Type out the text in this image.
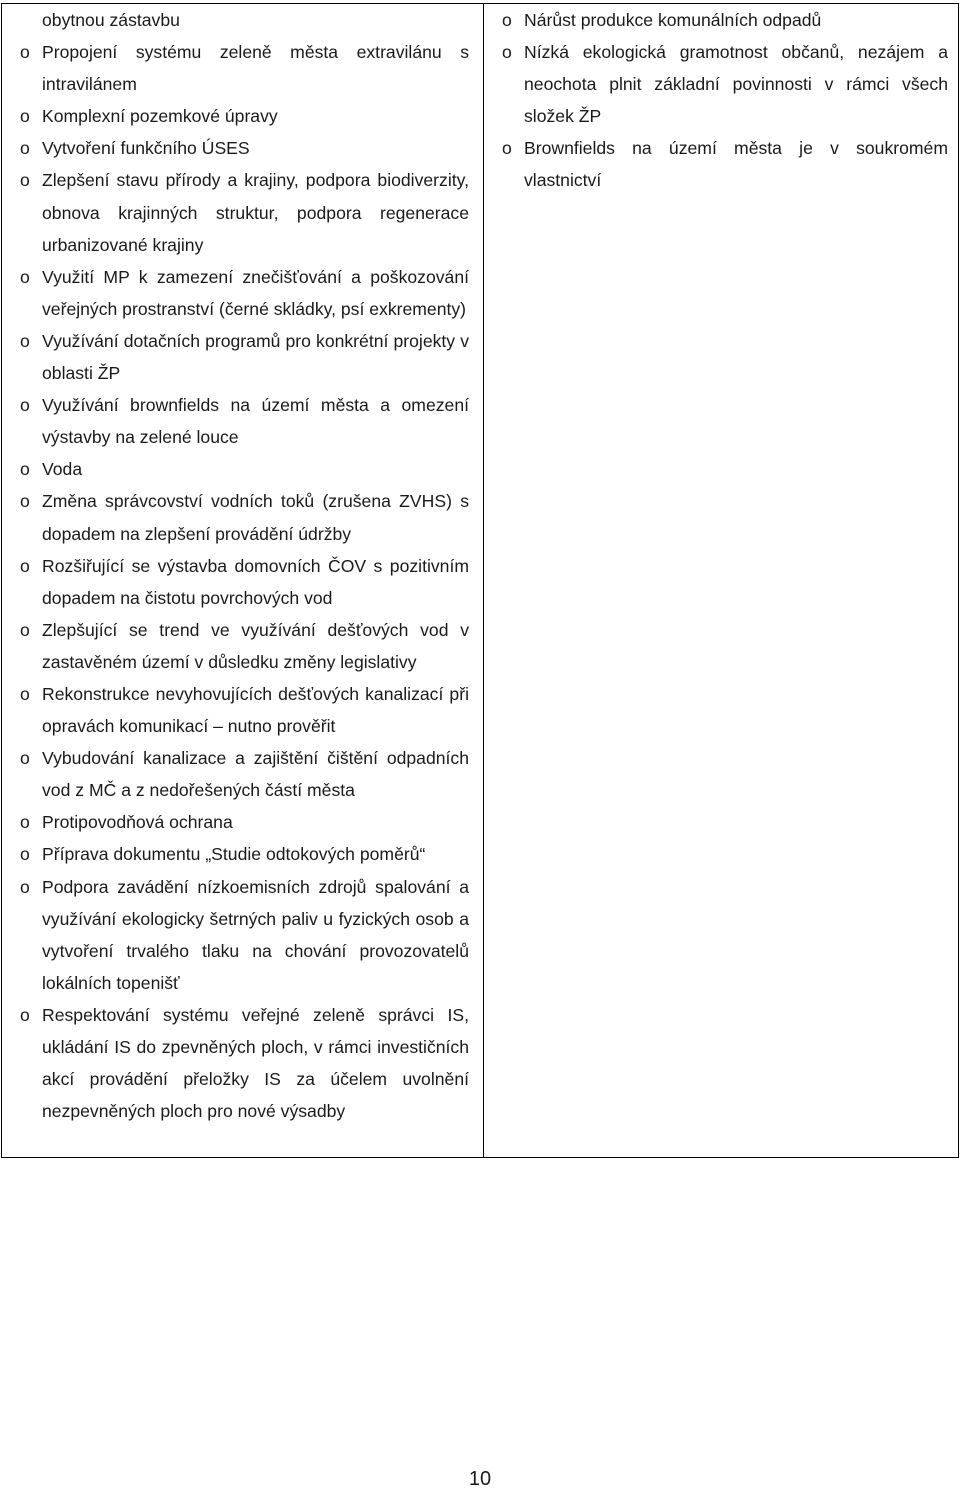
obytnou zástavbu
o Propojení systému zeleně města extravilánu s intravilánem
o Komplexní pozemkové úpravy
o Vytvoření funkčního ÚSES
o Zlepšení stavu přírody a krajiny, podpora biodiverzity, obnova krajinných struktur, podpora regenerace urbanizované krajiny
o Využití MP k zamezení znečišťování a poškozování veřejných prostranství (černé skládky, psí exkrementy)
o Využívání dotačních programů pro konkrétní projekty v oblasti ŽP
o Využívání brownfields na území města a omezení výstavby na zelené louce
o Voda
o Změna správcovství vodních toků (zrušena ZVHS) s dopadem na zlepšení provádění údržby
o Rozšiřující se výstavba domovních ČOV s pozitivním dopadem na čistotu povrchových vod
o Zlepšující se trend ve využívání dešťových vod v zastavěném území v důsledku změny legislativy
o Rekonstrukce nevyhovujících dešťových kanalizací při opravách komunikací – nutno prověřit
o Vybudování kanalizace a zajištění čištění odpadních vod z MČ a z nedořešených částí města
o Protipovodňová ochrana
o Příprava dokumentu „Studie odtokových poměrů“
o Podpora zavádění nízkoemisních zdrojů spalování a využívání ekologicky šetrných paliv u fyzických osob a vytvoření trvalého tlaku na chování provozovatelů lokálních topenišť
o Respektování systému veřejné zeleně správci IS, ukládání IS do zpevněných ploch, v rámci investičních akcí provádění přeložky IS za účelem uvolnění nezpevněných ploch pro nové výsadby
o Nárůst produkce komunálních odpadů
o Nízká ekologická gramotnost občanů, nezájem a neochota plnit základní povinnosti v rámci všech složek ŽP
o Brownfields na území města je v soukromém vlastnictví
10
